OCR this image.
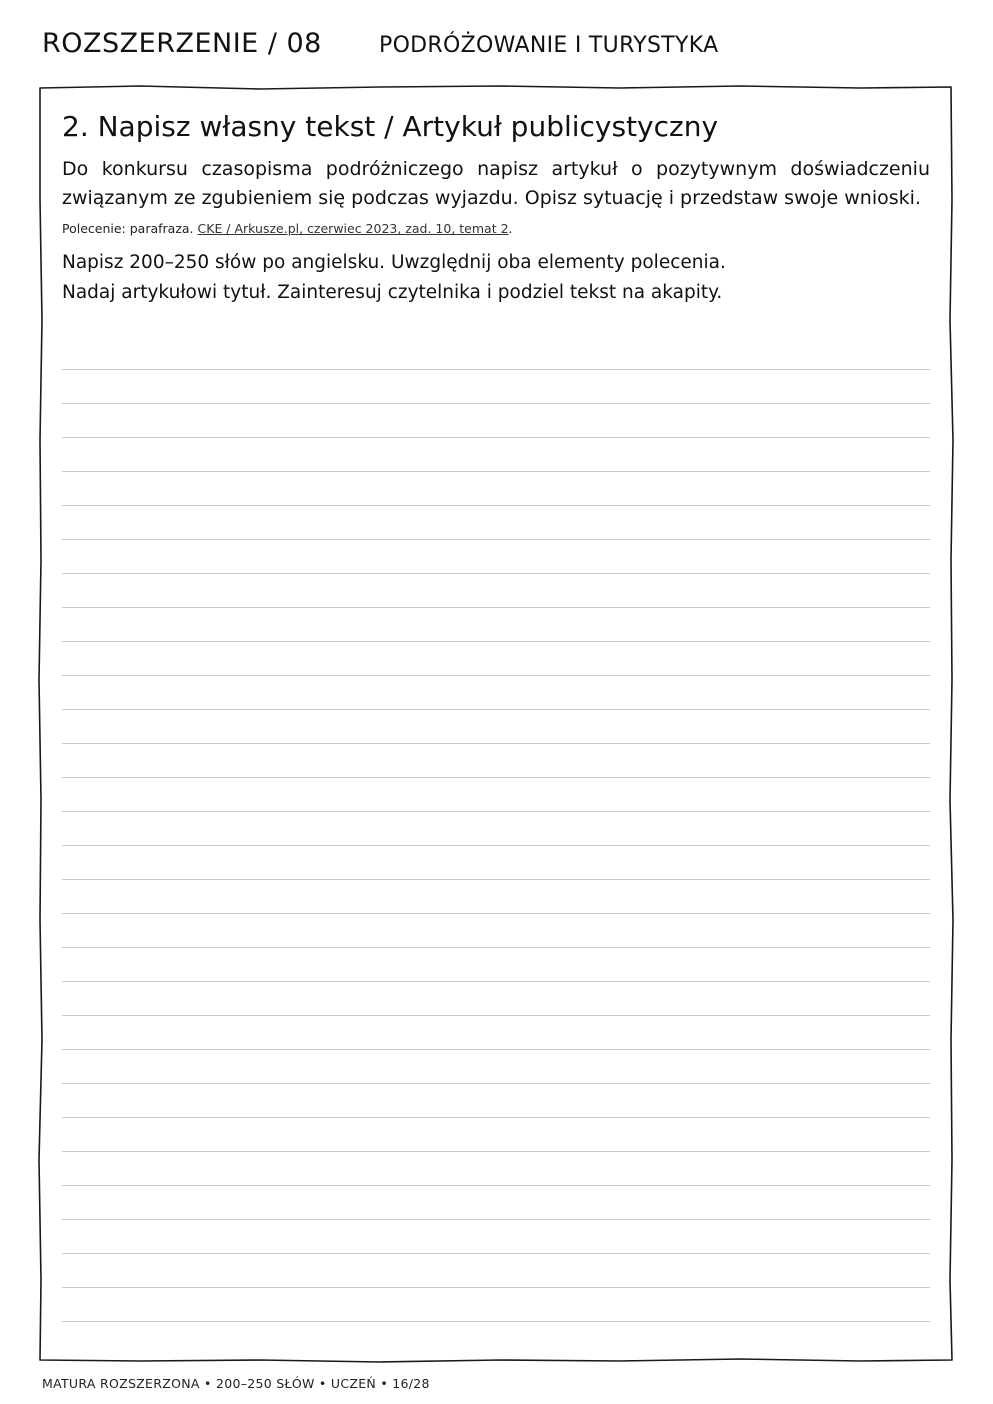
ROZSZERZENIE / 08	PODRÓŻOWANIE I TURYSTYKA
2. Napisz własny tekst / Artykuł publicystyczny
Do konkursu czasopisma podróżniczego napisz artykuł o pozytywnym doświadczeniu związanym ze zgubieniem się podczas wyjazdu. Opisz sytuację i przedstaw swoje wnioski.
Polecenie: parafraza. CKE / Arkusze.pl, czerwiec 2023, zad. 10, temat 2.
Napisz 200–250 słów po angielsku. Uwzględnij oba elementy polecenia.
Nadaj artykułowi tytuł. Zainteresuj czytelnika i podziel tekst na akapity.
MATURA ROZSZERZONA • 200–250 SŁÓW • UCZEŃ • 16/28
